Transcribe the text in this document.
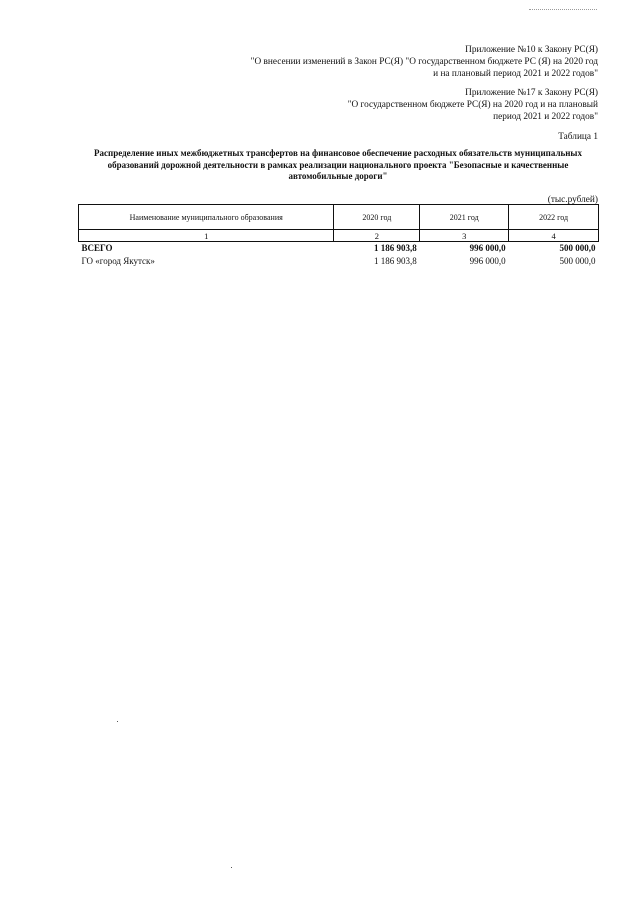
Приложение №10 к Закону РС(Я)
"О внесении изменений в Закон РС(Я) "О государственном бюджете РС (Я) на 2020 год
и на плановый период 2021 и 2022 годов"
Приложение №17 к Закону РС(Я)
"О государственном бюджете РС(Я) на 2020 год и на плановый
период 2021 и 2022 годов"
Таблица 1
Распределение иных межбюджетных трансфертов на финансовое обеспечение расходных обязательств муниципальных
образований дорожной деятельности в рамках реализации национального проекта "Безопасные и качественные
автомобильные дороги"
(тыс.рублей)
Наименование муниципального образования	2020 год	2021 год	2022 год
1	2	3	4
ВСЕГО	1 186 903,8	996 000,0	500 000,0
ГО «город Якутск»	1 186 903,8	996 000,0	500 000,0
